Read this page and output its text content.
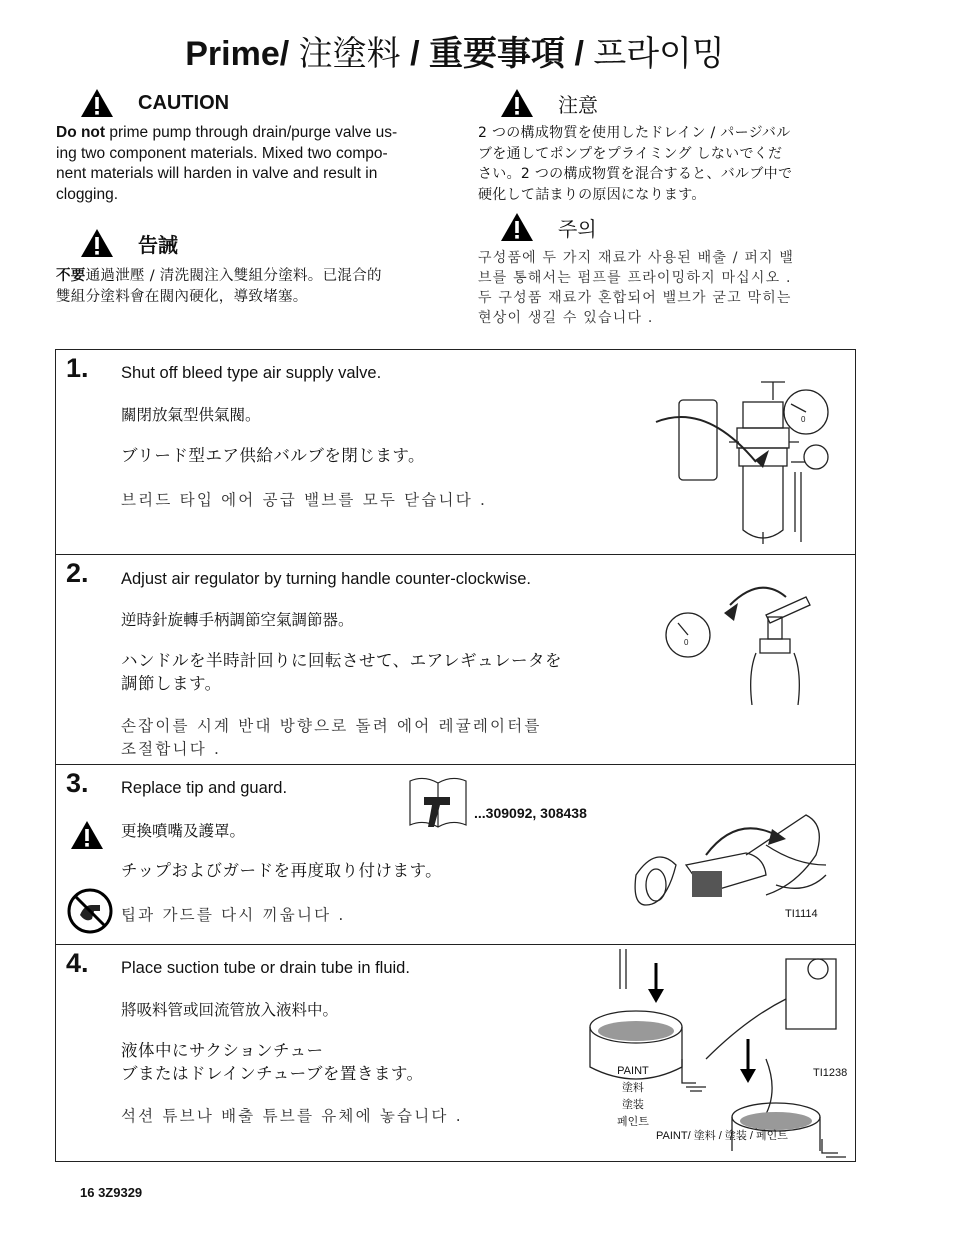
Prime/ 注塗料 / 重要事項 / 프라이밍
CAUTION
Do not prime pump through drain/purge valve us-
ing two component materials. Mixed two compo-
nent materials will harden in valve and result in
clogging.
告誡
不要通過泄壓 / 清洗閥注入雙組分塗料。已混合的
雙組分塗料會在閥內硬化，導致堵塞。
注意
2 つの構成物質を使用したドレイン / パージバル
ブを通してポンプをプライミング しないでくだ
さい。2 つの構成物質を混合すると、バルブ中で
硬化して詰まりの原因になります。
주의
구성품에 두 가지 재료가 사용된 배출 / 퍼지 밸
브를 통해서는 펌프를 프라이밍하지 마십시오 .
두 구성품 재료가 혼합되어 밸브가 굳고 막히는
현상이 생길 수 있습니다 .
1. Shut off bleed type air supply valve.
關閉放氣型供氣閥。
ブリード型エア供給バルブを閉じます。
브리드 타입 에어 공급 밸브를 모두 닫습니다 .
0
2. Adjust air regulator by turning handle counter-clockwise.
逆時針旋轉手柄調節空氣調節器。
ハンドルを半時計回りに回転させて、エアレギュレータを
調節します。
손잡이를 시계 반대 방향으로 돌려 에어 레귤레이터를
조절합니다 .
0
3. Replace tip and guard.
更換噴嘴及護罩。
チップおよびガードを再度取り付けます。
팁과 가드를 다시 끼웁니다 .
...309092, 308438
TI1114
4. Place suction tube or drain tube in fluid.
將吸料管或回流管放入液料中。
液体中にサクションチュー
ブまたはドレインチューブを置きます。
석션 튜브나 배출 튜브를 유체에 놓습니다 .
PAINT
塗料
塗装
페인트
TI1238
PAINT/ 塗料 / 塗装 / 페인트
16 3Z9329
